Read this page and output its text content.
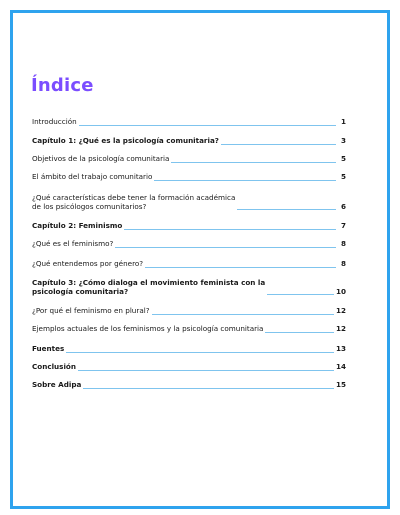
Índice
Introducción	1
Capítulo 1: ¿Qué es la psicología comunitaria?	3
Objetivos de la psicología comunitaria	5
El ámbito del trabajo comunitario	5
¿Qué características debe tener la formación académica
de los psicólogos comunitarios?	6
Capítulo 2: Feminismo	7
¿Qué es el feminismo?	8
¿Qué entendemos por género?	8
Capítulo 3: ¿Cómo dialoga el movimiento feminista con la
psicología comunitaria?	10
¿Por qué el feminismo en plural?	12
Ejemplos actuales de los feminismos y la psicología comunitaria	12
Fuentes	13
Conclusión	14
Sobre Adipa	15
